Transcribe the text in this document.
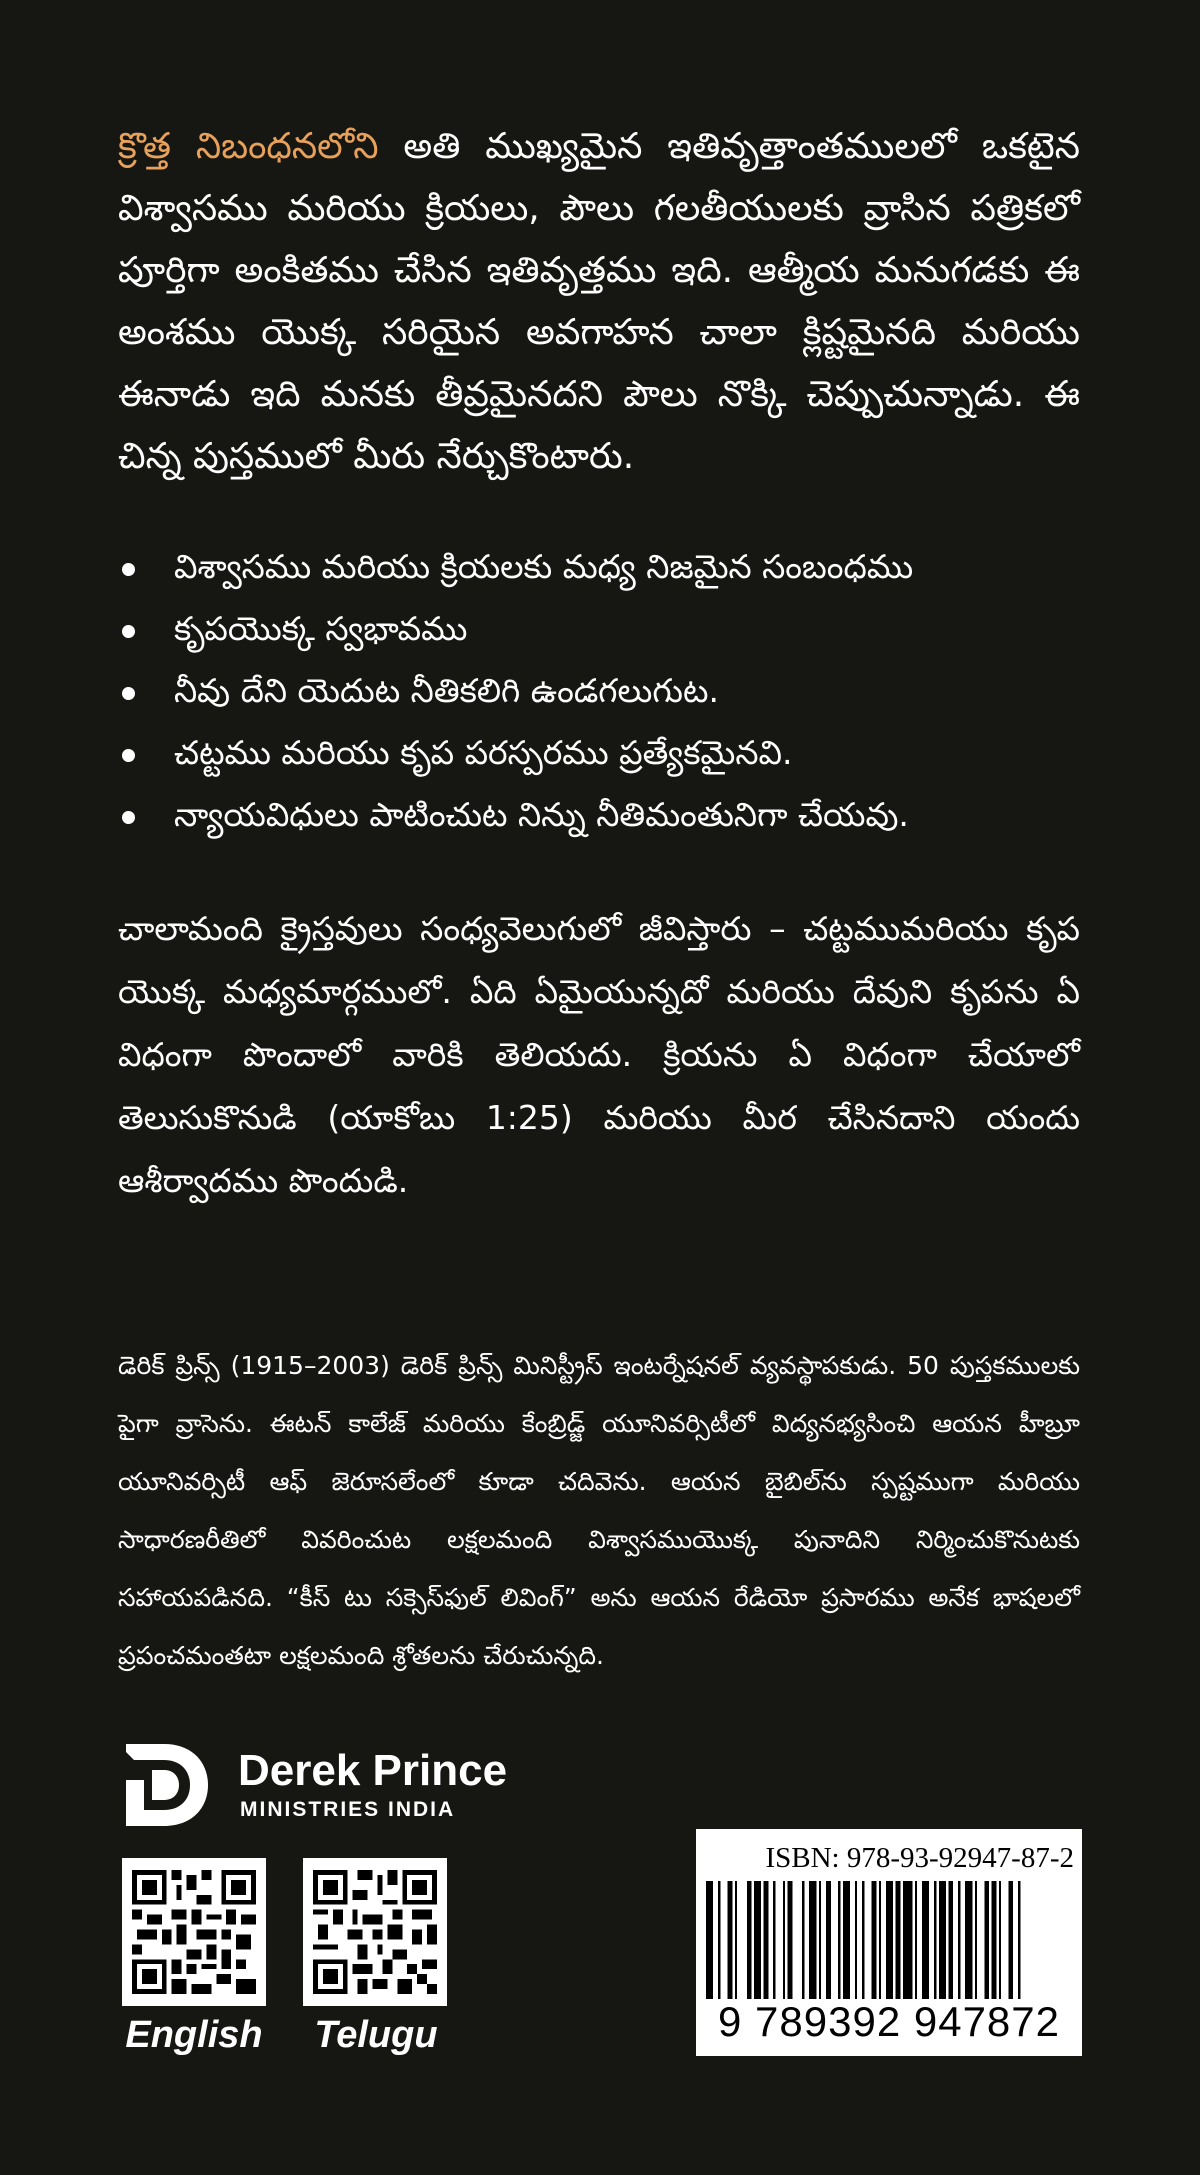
క్రొత్త నిబంధనలోని అతి ముఖ్యమైన ఇతివృత్తాంతములలో ఒకటైన విశ్వాసము మరియు క్రియలు, పౌలు గలతీయులకు వ్రాసిన పత్రికలో పూర్తిగా అంకితము చేసిన ఇతివృత్తము ఇది. ఆత్మీయ మనుగడకు ఈ అంశము యొక్క సరియైన అవగాహన చాలా క్లిష్టమైనది మరియు ఈనాడు ఇది మనకు తీవ్రమైనదని పౌలు నొక్కి చెప్పుచున్నాడు. ఈ చిన్న పుస్తములో మీరు నేర్చుకొంటారు.

విశ్వాసము మరియు క్రియలకు మధ్య నిజమైన సంబంధము
కృపయొక్క స్వభావము
నీవు దేని యెదుట నీతికలిగి ఉండగలుగుట.
చట్టము మరియు కృప పరస్పరము ప్రత్యేకమైనవి.
న్యాయవిధులు పాటించుట నిన్ను నీతిమంతునిగా చేయవు.

చాలామంది క్రైస్తవులు సంధ్యవెలుగులో జీవిస్తారు – చట్టముమరియు కృప యొక్క మధ్యమార్గములో. ఏది ఏమైయున్నదో మరియు దేవుని కృపను ఏ విధంగా పొందాలో వారికి తెలియదు. క్రియను ఏ విధంగా చేయాలో తెలుసుకొనుడి (యాకోబు 1:25) మరియు మీర చేసినదాని యందు ఆశీర్వాదము పొందుడి.

డెరిక్ ప్రిన్స్ (1915–2003) డెరిక్ ప్రిన్స్ మినిస్ట్రీస్ ఇంటర్నేషనల్ వ్యవస్థాపకుడు. 50 పుస్తకములకు పైగా వ్రాసెను. ఈటన్ కాలేజ్ మరియు కేంబ్రిడ్జ్ యూనివర్సిటీలో విద్యనభ్యసించి ఆయన హీబ్రూ యూనివర్సిటీ ఆఫ్ జెరూసలేంలో కూడా చదివెను. ఆయన బైబిల్‌ను స్పష్టముగా మరియు సాధారణరీతిలో వివరించుట లక్షలమంది విశ్వాసముయొక్క పునాదిని నిర్మించుకొనుటకు సహాయపడినది. “కీస్ టు సక్సెస్‌ఫుల్ లివింగ్” అను ఆయన రేడియో ప్రసారము అనేక భాషలలో ప్రపంచమంతటా లక్షలమంది శ్రోతలను చేరుచున్నది.

Derek Prince
MINISTRIES INDIA
English	Telugu
ISBN: 978-93-92947-87-2
9 789392 947872
